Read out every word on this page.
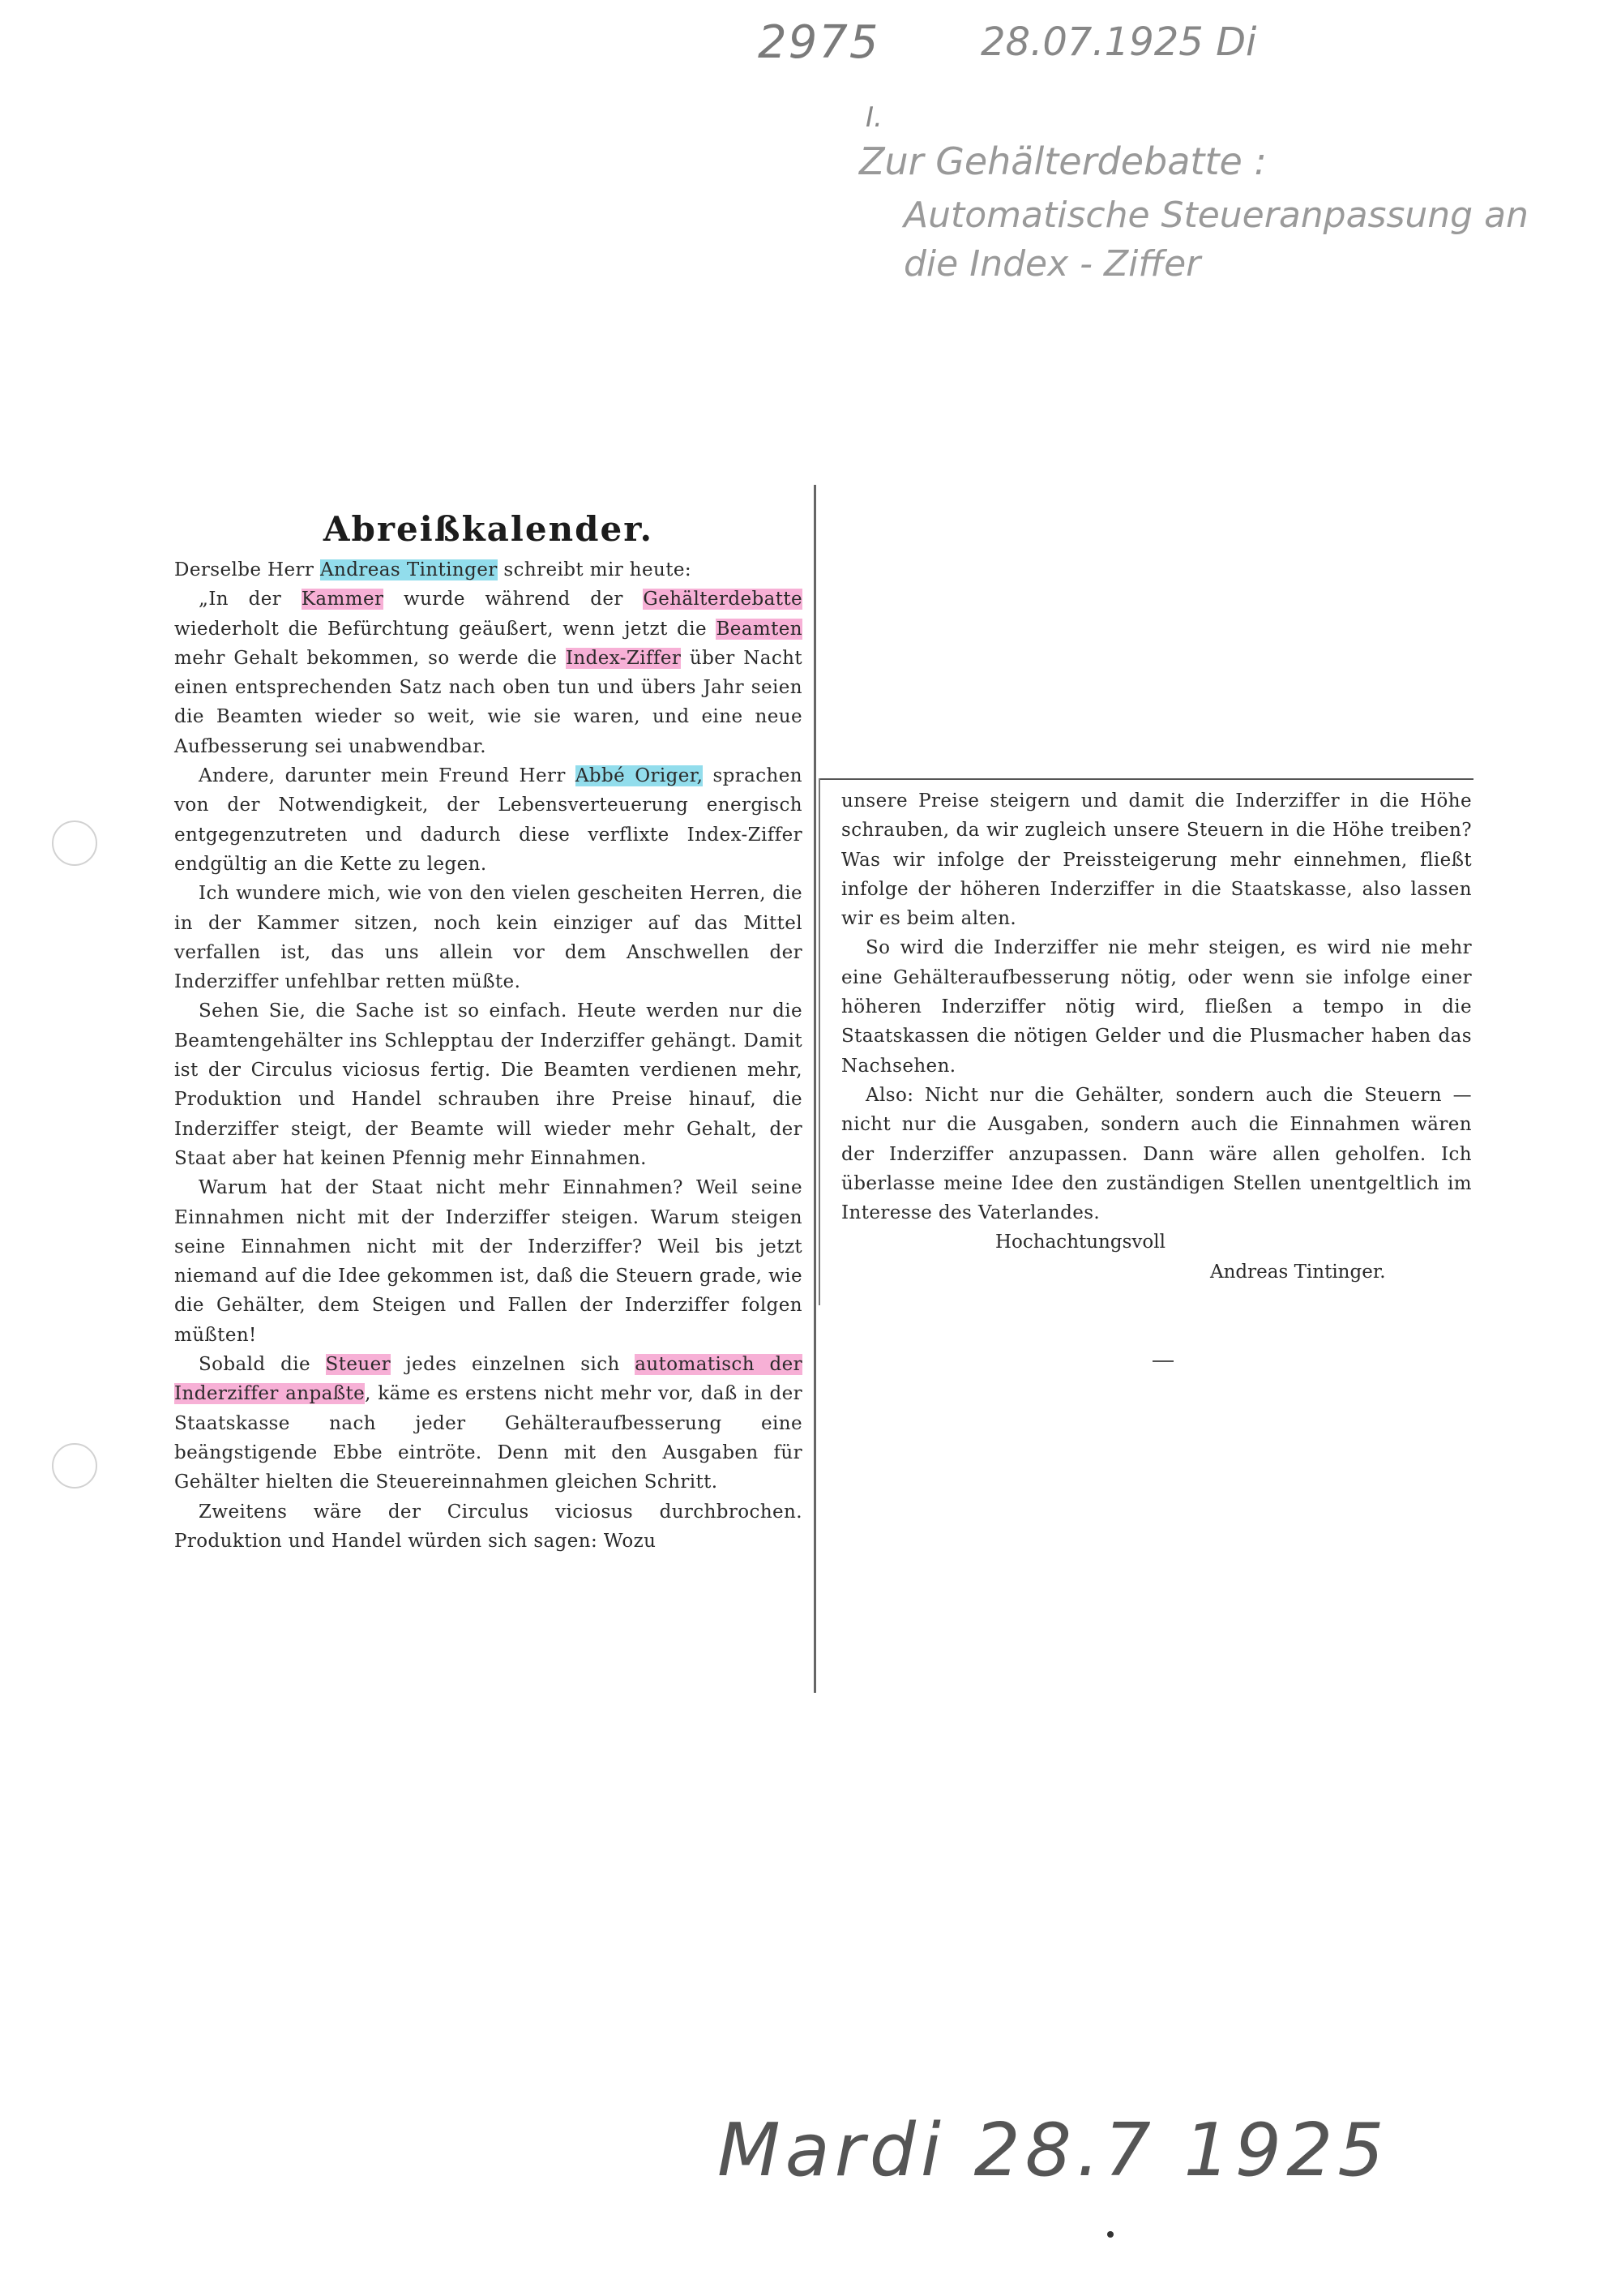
2975	28.07.1925 Di
I.
Zur Gehälterdebatte :
Automatische Steueranpassung an
die Index - Ziffer
Abreißkalender.

Derselbe Herr Andreas Tintinger schreibt mir heute:

„In der Kammer wurde während der Gehälterdebatte wiederholt die Befürchtung geäußert, wenn jetzt die Beamten mehr Gehalt bekommen, so werde die Index-Ziffer über Nacht einen entsprechenden Satz nach oben tun und übers Jahr seien die Beamten wieder so weit, wie sie waren, und eine neue Aufbesserung sei unabwendbar.

Andere, darunter mein Freund Herr Abbé Origer, sprachen von der Notwendigkeit, der Lebensverteuerung energisch entgegenzutreten und dadurch diese verflixte Index-Ziffer endgültig an die Kette zu legen.

Ich wundere mich, wie von den vielen gescheiten Herren, die in der Kammer sitzen, noch kein einziger auf das Mittel verfallen ist, das uns allein vor dem Anschwellen der Inderziffer unfehlbar retten müßte.

Sehen Sie, die Sache ist so einfach. Heute werden nur die Beamtengehälter ins Schlepptau der Inderziffer gehängt. Damit ist der Circulus viciosus fertig. Die Beamten verdienen mehr, Produktion und Handel schrauben ihre Preise hinauf, die Inderziffer steigt, der Beamte will wieder mehr Gehalt, der Staat aber hat keinen Pfennig mehr Einnahmen.

Warum hat der Staat nicht mehr Einnahmen? Weil seine Einnahmen nicht mit der Inderziffer steigen. Warum steigen seine Einnahmen nicht mit der Inderziffer? Weil bis jetzt niemand auf die Idee gekommen ist, daß die Steuern grade, wie die Gehälter, dem Steigen und Fallen der Inderziffer folgen müßten!

Sobald die Steuer jedes einzelnen sich automatisch der Inderziffer anpaßte, käme es erstens nicht mehr vor, daß in der Staatskasse nach jeder Gehälteraufbesserung eine beängstigende Ebbe eintröte. Denn mit den Ausgaben für Gehälter hielten die Steuereinnahmen gleichen Schritt.

Zweitens wäre der Circulus viciosus durchbrochen. Produktion und Handel würden sich sagen: Wozu

unsere Preise steigern und damit die Inderziffer in die Höhe schrauben, da wir zugleich unsere Steuern in die Höhe treiben? Was wir infolge der Preissteigerung mehr einnehmen, fließt infolge der höheren Inderziffer in die Staatskasse, also lassen wir es beim alten.

So wird die Inderziffer nie mehr steigen, es wird nie mehr eine Gehälteraufbesserung nötig, oder wenn sie infolge einer höheren Inderziffer nötig wird, fließen a tempo in die Staatskassen die nötigen Gelder und die Plusmacher haben das Nachsehen.

Also: Nicht nur die Gehälter, sondern auch die Steuern — nicht nur die Ausgaben, sondern auch die Einnahmen wären der Inderziffer anzupassen. Dann wäre allen geholfen. Ich überlasse meine Idee den zuständigen Stellen unentgeltlich im Interesse des Vaterlandes.

Hochachtungsvoll

Andreas Tintinger.

Mardi 28.7 1925
